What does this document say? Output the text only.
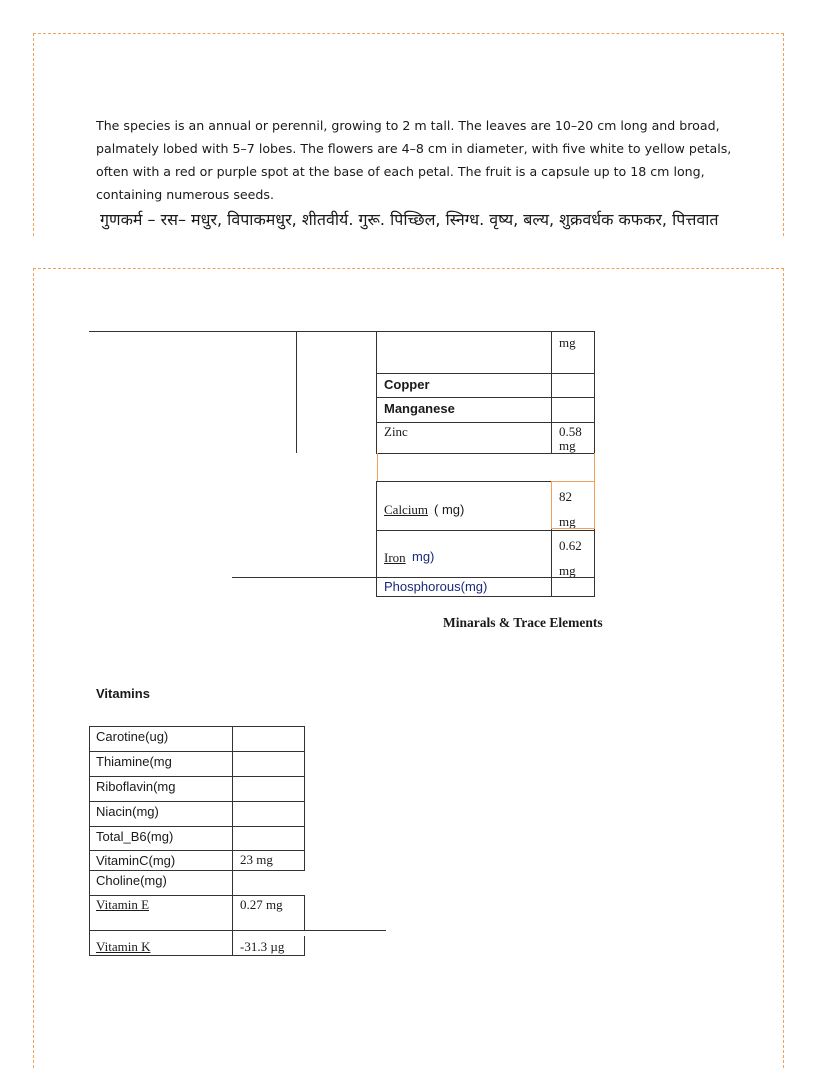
The species is an annual or perennil, growing to 2 m tall. The leaves are 10–20 cm long and broad, palmately lobed with 5–7 lobes. The flowers are 4–8 cm in diameter, with five white to yellow petals, often with a red or purple spot at the base of each petal. The fruit is a capsule up to 18 cm long, containing numerous seeds.
गुणकर्म – रस– मधुर, विपाकमधुर, शीतवीर्य. गुरू. पिच्छिल, स्निग्ध. वृष्य, बल्य, शुक्रवर्धक कफकर, पित्तवात
mg
Copper
Manganese
Zinc	0.58
mg
Calcium ( mg)
82
mg
Iron mg)
0.62
mg
Phosphorous(mg)
Minarals & Trace Elements
Vitamins
Carotine(ug)
Thiamine(mg
Riboflavin(mg
Niacin(mg)
Total_B6(mg)
VitaminC(mg)
Choline(mg)
Vitamin E
Vitamin K
23 mg
0.27 mg
-31.3 µg
